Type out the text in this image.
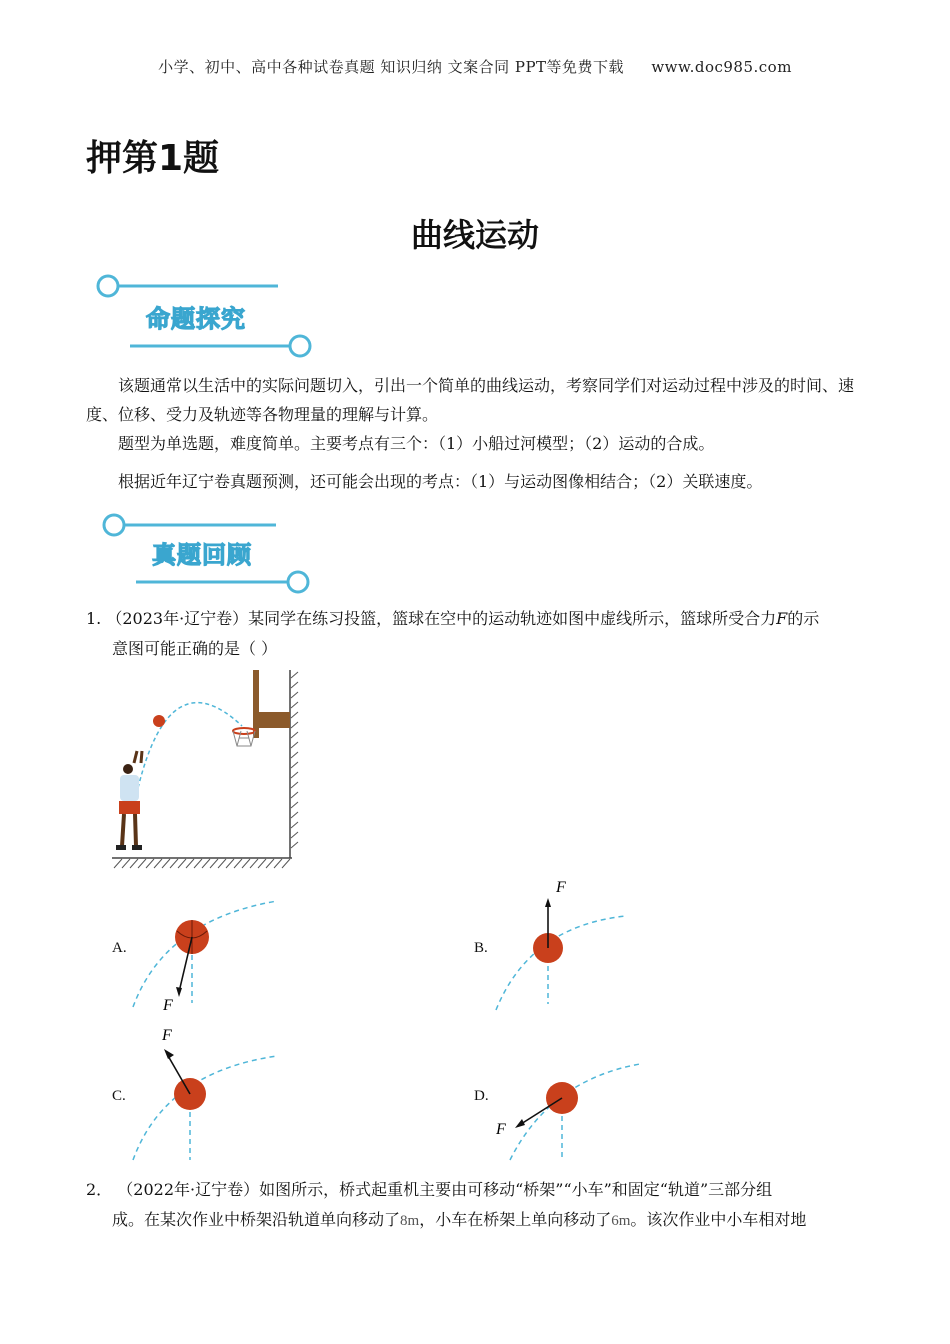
小学、初中、高中各种试卷真题 知识归纳 文案合同 PPT等免费下载 www.doc985.com
押第1题
曲线运动
命题探究
该题通常以生活中的实际问题切入，引出一个简单的曲线运动，考察同学们对运动过程中涉及的时间、速度、位移、受力及轨迹等各物理量的理解与计算。
题型为单选题，难度简单。主要考点有三个：（1）小船过河模型；（2）运动的合成。
根据近年辽宁卷真题预测，还可能会出现的考点：（1）与运动图像相结合；（2）关联速度。
真题回顾
1. （2023年·辽宁卷）某同学在练习投篮，篮球在空中的运动轨迹如图中虚线所示，篮球所受合力F的示
意图可能正确的是（ ）
A.
F
B.
F
C.
F
D.
F
2． （2022年·辽宁卷）如图所示，桥式起重机主要由可移动“桥架”“小车”和固定“轨道”三部分组
成。在某次作业中桥架沿轨道单向移动了8m，小车在桥架上单向移动了6m。该次作业中小车相对地
